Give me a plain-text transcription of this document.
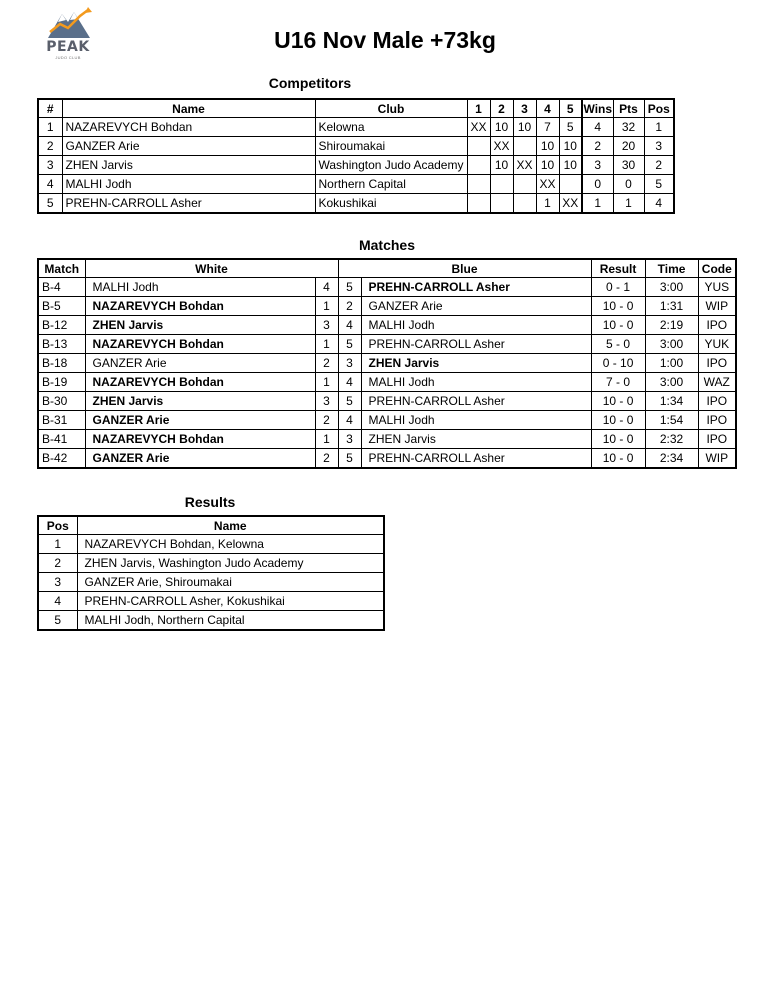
PEAK
JUDO CLUB
U16 Nov Male +73kg
Competitors
#	Name	Club	1	2	3	4	5	Wins	Pts	Pos
1	NAZAREVYCH Bohdan	Kelowna	XX	10	10	7	5	4	32	1
2	GANZER Arie	Shiroumakai		XX		10	10	2	20	3
3	ZHEN Jarvis	Washington Judo Academy		10	XX	10	10	3	30	2
4	MALHI Jodh	Northern Capital				XX		0	0	5
5	PREHN-CARROLL Asher	Kokushikai				1	XX	1	1	4
Matches
Match	White		Blue		Result	Time	Code
B-4	MALHI Jodh	4	5	PREHN-CARROLL Asher	0 - 1	3:00	YUS
B-5	NAZAREVYCH Bohdan	1	2	GANZER Arie	10 - 0	1:31	WIP
B-12	ZHEN Jarvis	3	4	MALHI Jodh	10 - 0	2:19	IPO
B-13	NAZAREVYCH Bohdan	1	5	PREHN-CARROLL Asher	5 - 0	3:00	YUK
B-18	GANZER Arie	2	3	ZHEN Jarvis	0 - 10	1:00	IPO
B-19	NAZAREVYCH Bohdan	1	4	MALHI Jodh	7 - 0	3:00	WAZ
B-30	ZHEN Jarvis	3	5	PREHN-CARROLL Asher	10 - 0	1:34	IPO
B-31	GANZER Arie	2	4	MALHI Jodh	10 - 0	1:54	IPO
B-41	NAZAREVYCH Bohdan	1	3	ZHEN Jarvis	10 - 0	2:32	IPO
B-42	GANZER Arie	2	5	PREHN-CARROLL Asher	10 - 0	2:34	WIP
Results
Pos	Name
1	NAZAREVYCH Bohdan, Kelowna
2	ZHEN Jarvis, Washington Judo Academy
3	GANZER Arie, Shiroumakai
4	PREHN-CARROLL Asher, Kokushikai
5	MALHI Jodh, Northern Capital
